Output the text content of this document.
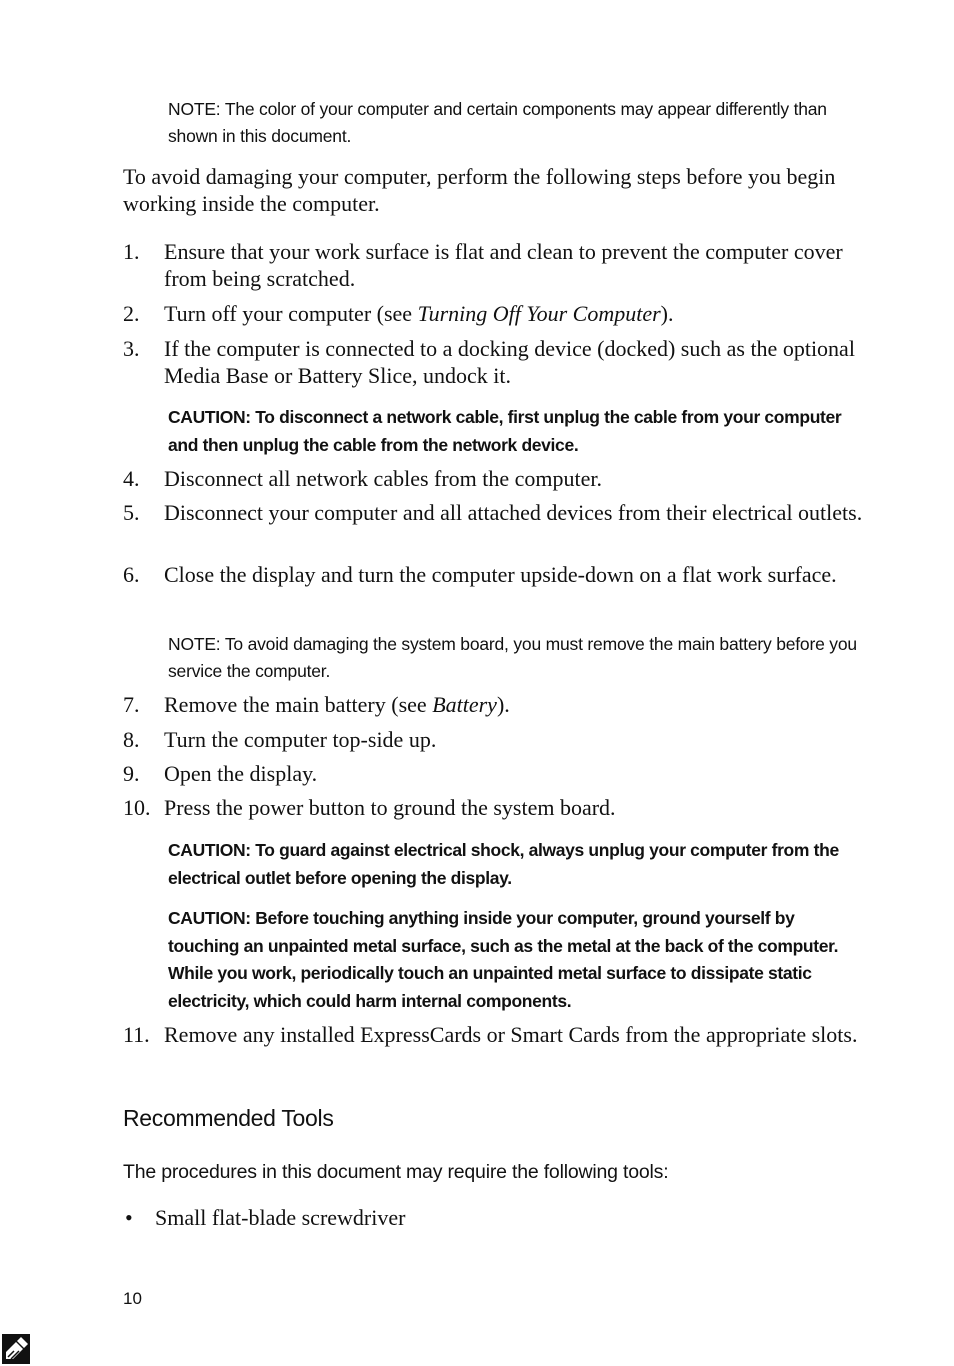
NOTE: The color of your computer and certain components may appear differently than shown in this document.
To avoid damaging your computer, perform the following steps before you begin working inside the computer.
1.	Ensure that your work surface is flat and clean to prevent the computer cover from being scratched.
2.	Turn off your computer (see Turning Off Your Computer).
3.	If the computer is connected to a docking device (docked) such as the optional Media Base or Battery Slice, undock it.
CAUTION: To disconnect a network cable, first unplug the cable from your computer and then unplug the cable from the network device.
4.	Disconnect all network cables from the computer.
5.	Disconnect your computer and all attached devices from their electrical outlets.
6.	Close the display and turn the computer upside-down on a flat work surface.
NOTE: To avoid damaging the system board, you must remove the main battery before you service the computer.
7.	Remove the main battery (see Battery).
8.	Turn the computer top-side up.
9.	Open the display.
10. Press the power button to ground the system board.
CAUTION: To guard against electrical shock, always unplug your computer from the electrical outlet before opening the display.
CAUTION: Before touching anything inside your computer, ground yourself by touching an unpainted metal surface, such as the metal at the back of the computer. While you work, periodically touch an unpainted metal surface to dissipate static electricity, which could harm internal components.
11. Remove any installed ExpressCards or Smart Cards from the appropriate slots.
Recommended Tools
The procedures in this document may require the following tools:
• Small flat-blade screwdriver
10
